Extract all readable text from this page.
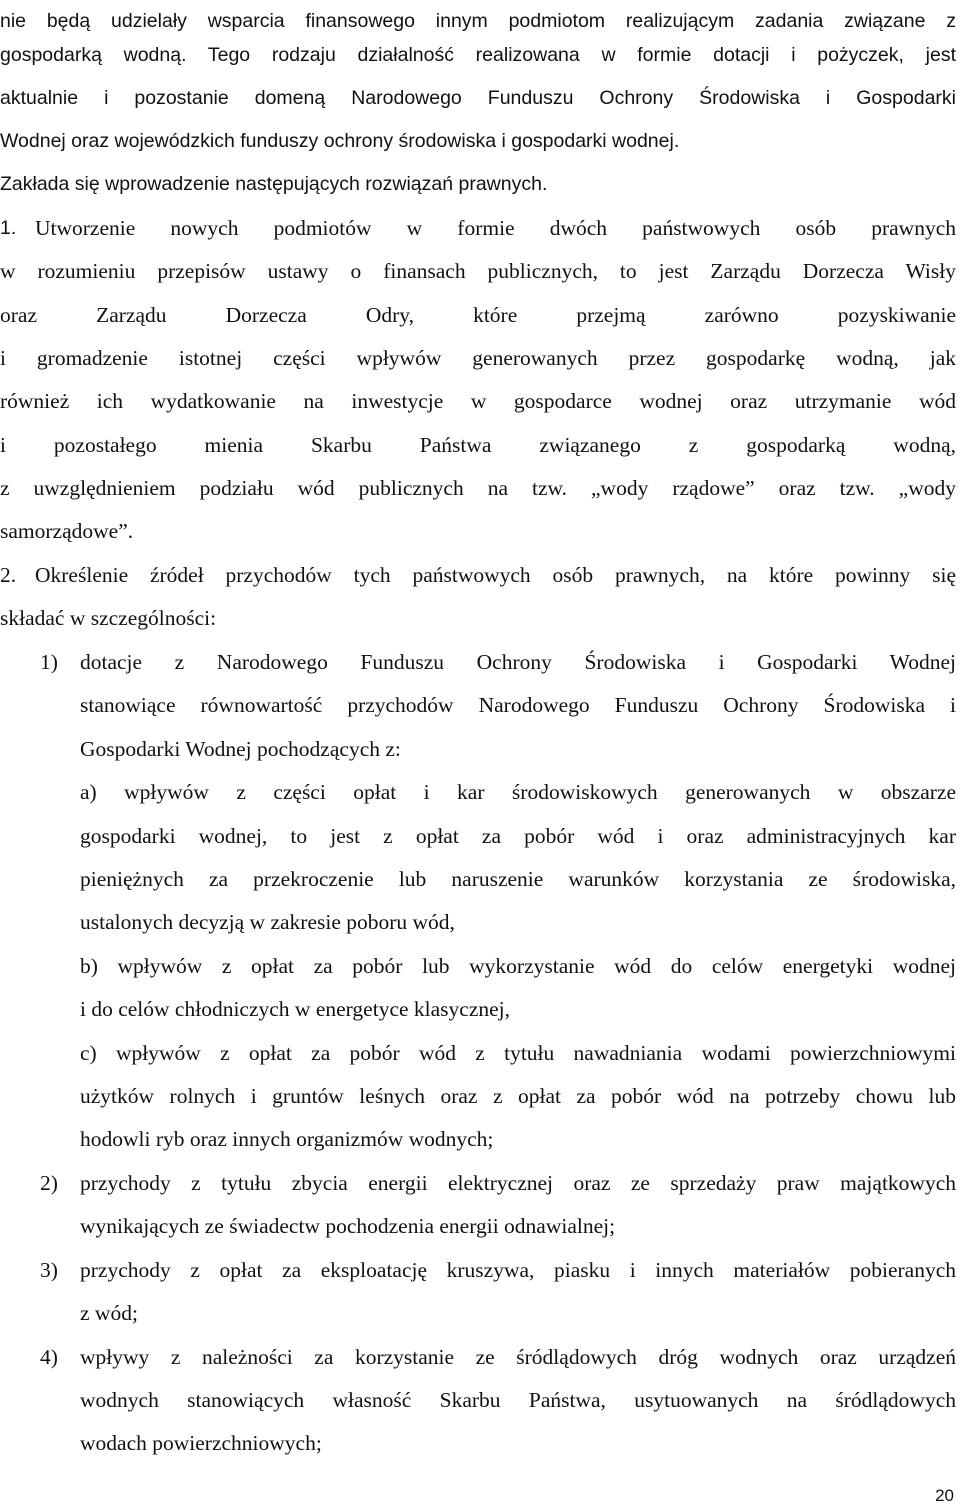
nie będą udzielały wsparcia finansowego innym podmiotom realizującym zadania związane z
gospodarką wodną. Tego rodzaju działalność realizowana w formie dotacji i pożyczek, jest
aktualnie i pozostanie domeną Narodowego Funduszu Ochrony Środowiska i Gospodarki
Wodnej oraz wojewódzkich funduszy ochrony środowiska i gospodarki wodnej.
Zakłada się wprowadzenie następujących rozwiązań prawnych.
1. Utworzenie nowych podmiotów w formie dwóch państwowych osób prawnych
w rozumieniu przepisów ustawy o finansach publicznych, to jest Zarządu Dorzecza Wisły
oraz Zarządu Dorzecza Odry, które przejmą zarówno pozyskiwanie
i gromadzenie istotnej części wpływów generowanych przez gospodarkę wodną, jak
również ich wydatkowanie na inwestycje w gospodarce wodnej oraz utrzymanie wód
i pozostałego mienia Skarbu Państwa związanego z gospodarką wodną,
z uwzględnieniem podziału wód publicznych na tzw. „wody rządowe” oraz tzw. „wody
samorządowe”.
2. Określenie źródeł przychodów tych państwowych osób prawnych, na które powinny się
składać w szczególności:
1) dotacje z Narodowego Funduszu Ochrony Środowiska i Gospodarki Wodnej
stanowiące równowartość przychodów Narodowego Funduszu Ochrony Środowiska i
Gospodarki Wodnej pochodzących z:
a) wpływów z części opłat i kar środowiskowych generowanych w obszarze
gospodarki wodnej, to jest z opłat za pobór wód i oraz administracyjnych kar
pieniężnych za przekroczenie lub naruszenie warunków korzystania ze środowiska,
ustalonych decyzją w zakresie poboru wód,
b) wpływów z opłat za pobór lub wykorzystanie wód do celów energetyki wodnej
i do celów chłodniczych w energetyce klasycznej,
c) wpływów z opłat za pobór wód z tytułu nawadniania wodami powierzchniowymi
użytków rolnych i gruntów leśnych oraz z opłat za pobór wód na potrzeby chowu lub
hodowli ryb oraz innych organizmów wodnych;
2) przychody z tytułu zbycia energii elektrycznej oraz ze sprzedaży praw majątkowych
wynikających ze świadectw pochodzenia energii odnawialnej;
3) przychody z opłat za eksploatację kruszywa, piasku i innych materiałów pobieranych
z wód;
4) wpływy z należności za korzystanie ze śródlądowych dróg wodnych oraz urządzeń
wodnych stanowiących własność Skarbu Państwa, usytuowanych na śródlądowych
wodach powierzchniowych;
20
